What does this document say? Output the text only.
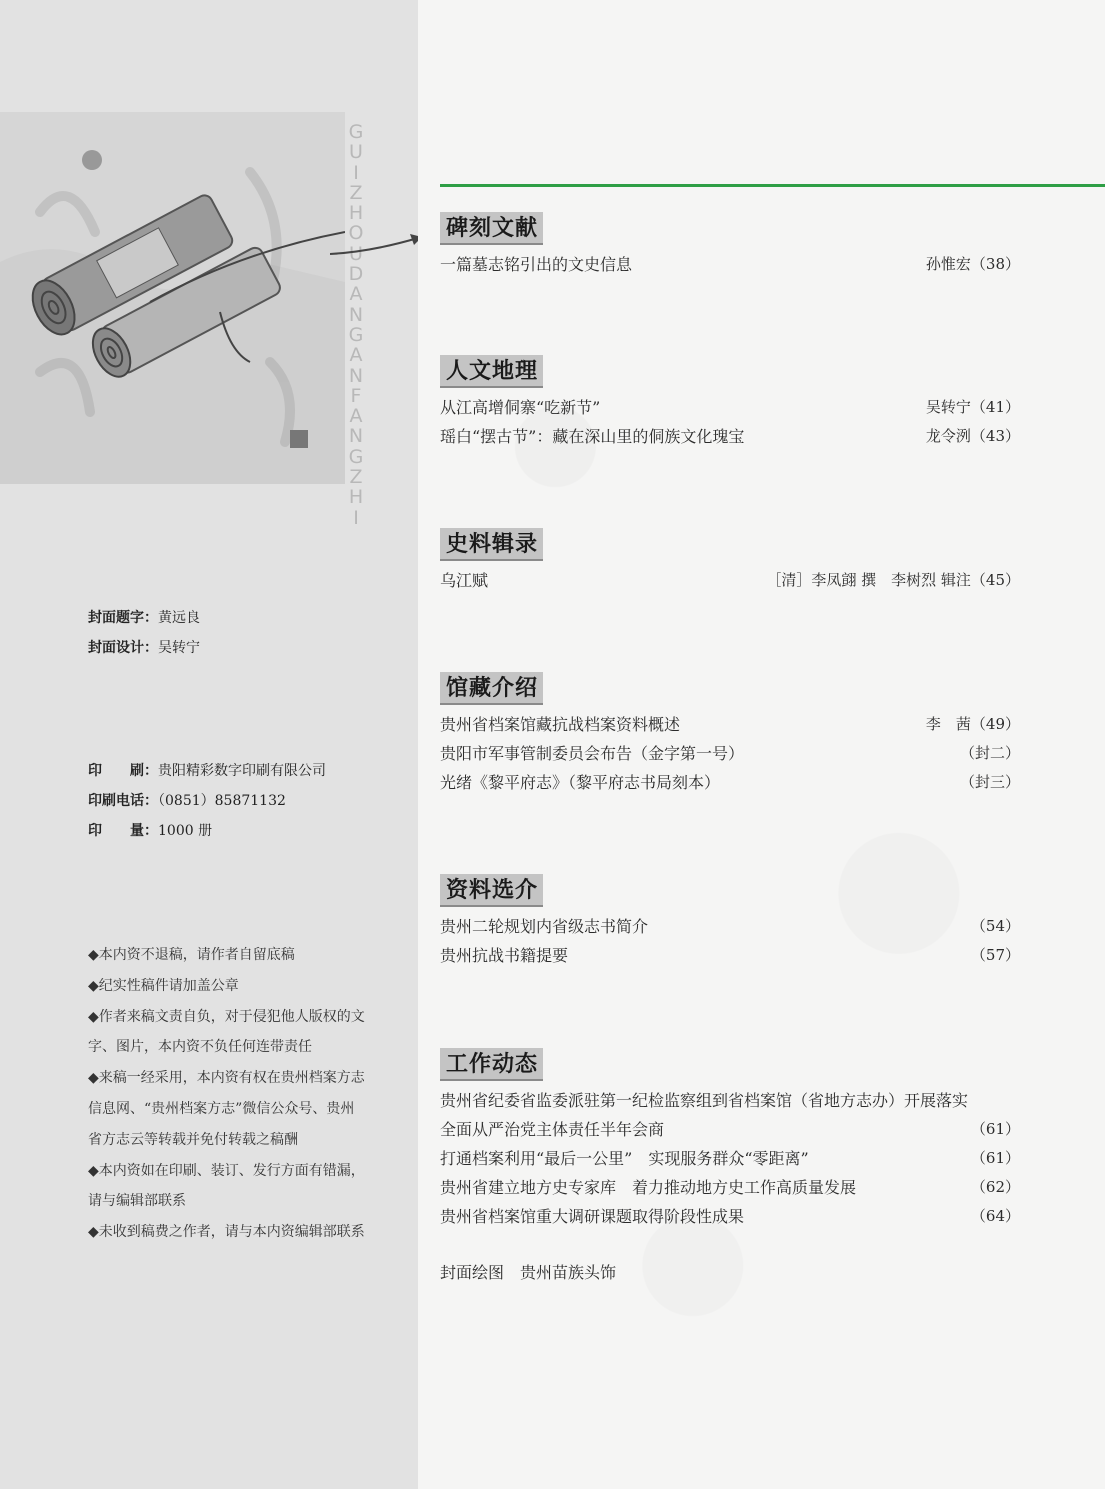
GUIZHOUDANGANFANGZHI
封面题字：黄远良
封面设计：吴转宁
印　　刷：贵阳精彩数字印刷有限公司
印刷电话：（0851）85871132
印　　量：1000 册

◆本内资不退稿，请作者自留底稿

◆纪实性稿件请加盖公章

◆作者来稿文责自负，对于侵犯他人版权的文字、图片，本内资不负任何连带责任

◆来稿一经采用，本内资有权在贵州档案方志信息网、“贵州档案方志”微信公众号、贵州省方志云等转载并免付转载之稿酬

◆本内资如在印刷、装订、发行方面有错漏，请与编辑部联系

◆未收到稿费之作者，请与本内资编辑部联系

碑刻文献
一篇墓志铭引出的文史信息	孙惟宏（38）
人文地理
从江高增侗寨“吃新节”	吴转宁（41）
瑶白“摆古节”：藏在深山里的侗族文化瑰宝	龙令洌（43）
史料辑录
乌江赋	［清］李凤翧 撰　李树烈 辑注（45）
馆藏介绍
贵州省档案馆藏抗战档案资料概述	李　茜（49）
贵阳市军事管制委员会布告（金字第一号）	（封二）
光绪《黎平府志》（黎平府志书局刻本）	（封三）
资料选介
贵州二轮规划内省级志书简介	（54）
贵州抗战书籍提要	（57）
工作动态
贵州省纪委省监委派驻第一纪检监察组到省档案馆（省地方志办）开展落实
全面从严治党主体责任半年会商	（61）
打通档案利用“最后一公里”　实现服务群众“零距离”	（61）
贵州省建立地方史专家库　着力推动地方史工作高质量发展	（62）
贵州省档案馆重大调研课题取得阶段性成果	（64）
封面绘图　贵州苗族头饰
